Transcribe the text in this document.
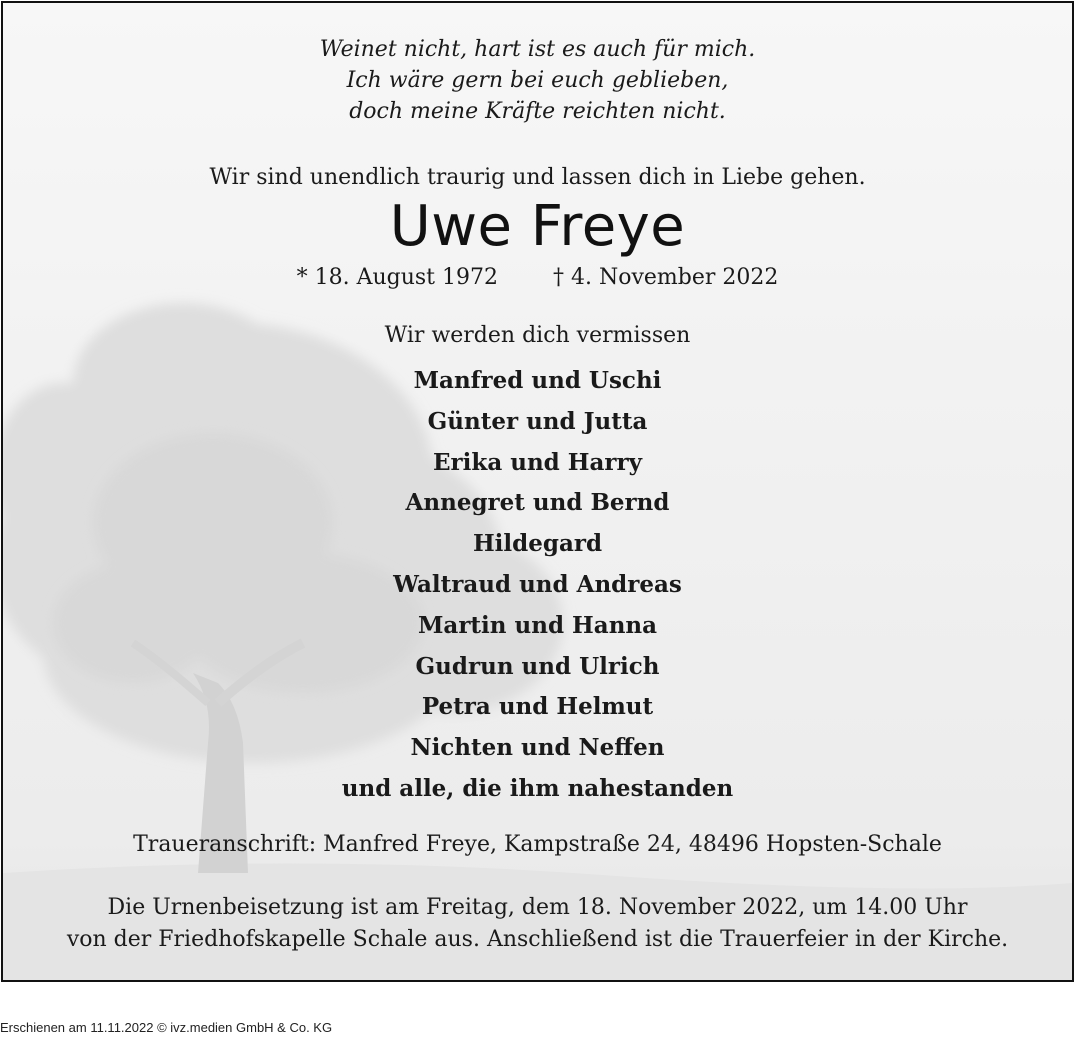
Weinet nicht, hart ist es auch für mich.
Ich wäre gern bei euch geblieben,
doch meine Kräfte reichten nicht.
Wir sind unendlich traurig und lassen dich in Liebe gehen.
Uwe Freye
* 18. August 1972	† 4. November 2022
Wir werden dich vermissen
Manfred und Uschi
Günter und Jutta
Erika und Harry
Annegret und Bernd
Hildegard
Waltraud und Andreas
Martin und Hanna
Gudrun und Ulrich
Petra und Helmut
Nichten und Neffen
und alle, die ihm nahestanden
Traueranschrift: Manfred Freye, Kampstraße 24, 48496 Hopsten-Schale
Die Urnenbeisetzung ist am Freitag, dem 18. November 2022, um 14.00 Uhr
von der Friedhofskapelle Schale aus. Anschließend ist die Trauerfeier in der Kirche.
Erschienen am 11.11.2022 © ivz.medien GmbH & Co. KG
